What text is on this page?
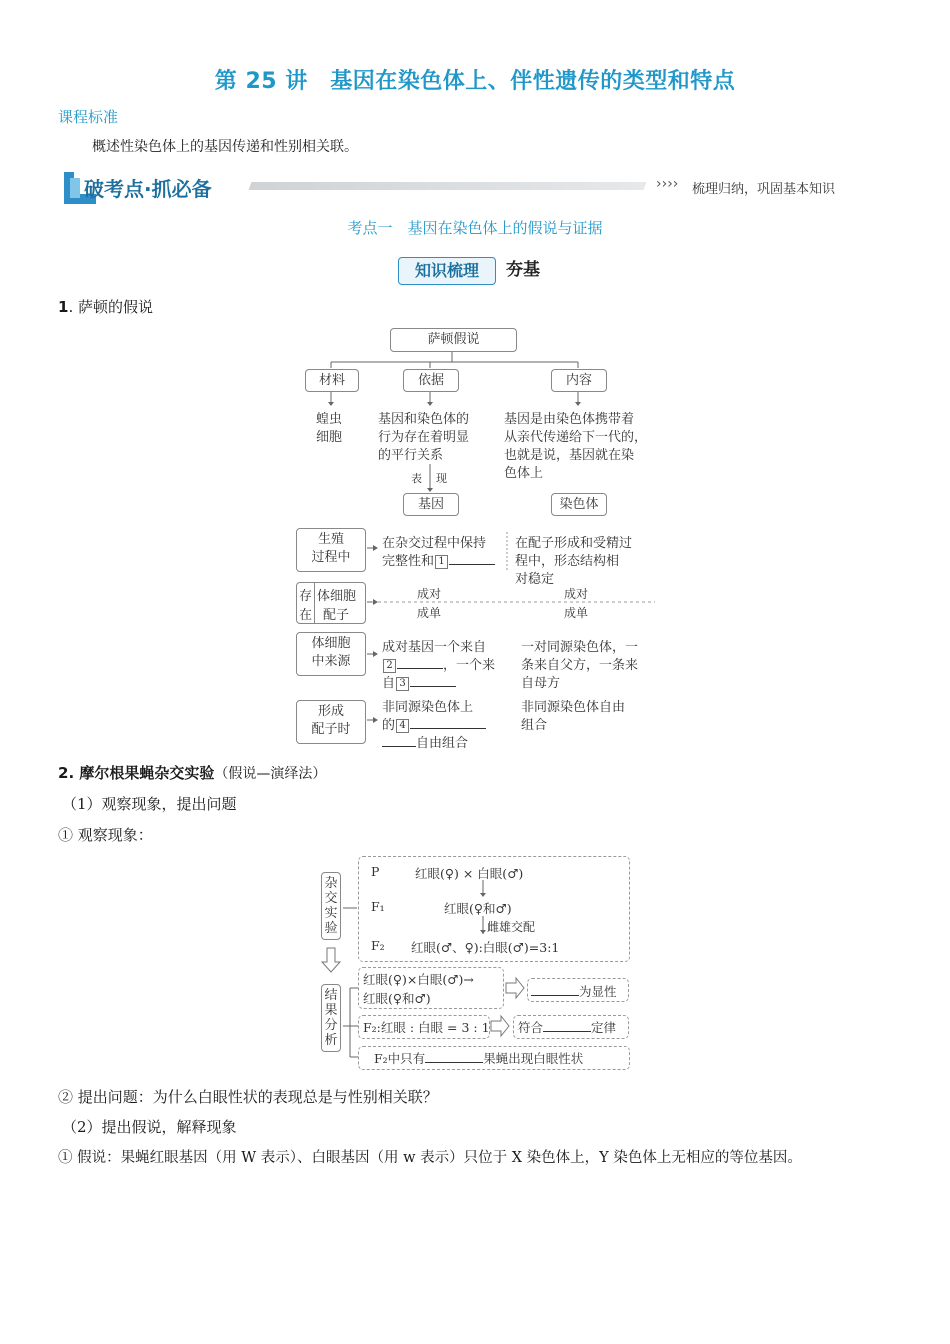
第 25 讲　基因在染色体上、伴性遗传的类型和特点
课程标准
概述性染色体上的基因传递和性别相关联。
破考点·抓必备	›››› 梳理归纳，巩固基本知识
考点一　基因在染色体上的假说与证据
知识梳理	夯基
1. 萨顿的假说
萨顿假说
材料	依据	内容
蝗虫
细胞
基因和染色体的
行为存在着明显
的平行关系
基因是由染色体携带着
从亲代传递给下一代的，
也就是说，基因就在染
色体上
表 现
基因	染色体
生殖
过程中
在杂交过程中保持
完整性和 1
在配子形成和受精过
程中，形态结构相
对稳定
存
在
体细胞
配子
成对
成单
成对
成单
体细胞
中来源
成对基因一个来自
2	，一个来
自 3
一对同源染色体，一
条来自父方，一条来
自母方
形成
配子时
非同源染色体上
的 4
自由组合
非同源染色体自由
组合
2. 摩尔根果蝇杂交实验（假说—演绎法）
（1）观察现象，提出问题
① 观察现象：
杂
交
实
验
结
果
分
析
P	红眼(♀) × 白眼(♂)
F₁	红眼(♀和♂)
雌雄交配
F₂ 红眼(♂、♀):白眼(♂)=3:1
红眼(♀)×白眼(♂)→
红眼(♀和♂)	为显性
F₂:红眼 : 白眼 = 3 : 1 符合	定律
F₂中只有	果蝇出现白眼性状
② 提出问题：为什么白眼性状的表现总是与性别相关联？
（2）提出假说，解释现象
① 假说：果蝇红眼基因（用 W 表示）、白眼基因（用 w 表示）只位于 X 染色体上，Y 染色体上无相应的等位基因。
